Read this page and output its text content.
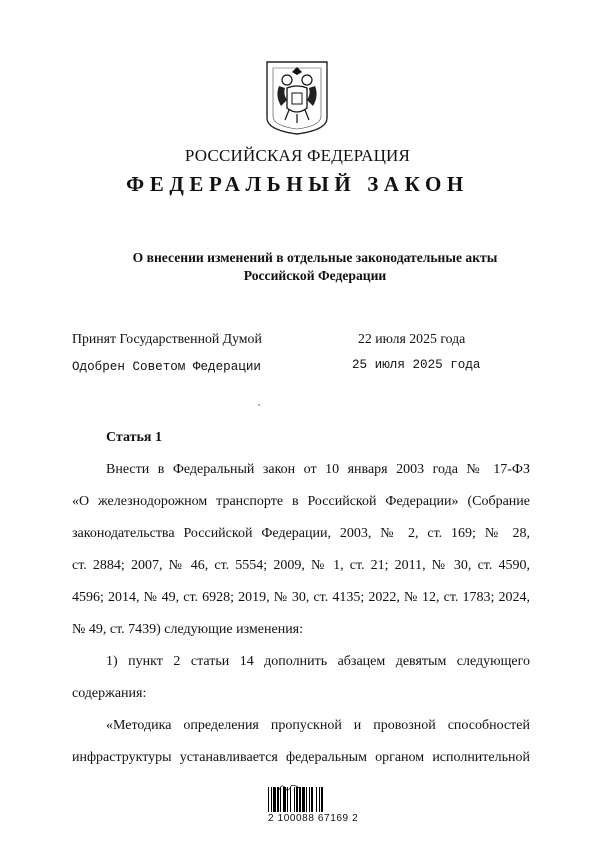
РОССИЙСКАЯ ФЕДЕРАЦИЯ
ФЕДЕРАЛЬНЫЙ ЗАКОН
О внесении изменений в отдельные законодательные акты
Российской Федерации
Принят Государственной Думой	22 июля 2025 года
Одобрен Советом Федерации	25 июля 2025 года
Статья 1
Внести в Федеральный закон от 10 января 2003 года № 17-ФЗ
«О железнодорожном транспорте в Российской Федерации» (Собрание
законодательства Российской Федерации, 2003, № 2, ст. 169; № 28,
ст. 2884; 2007, № 46, ст. 5554; 2009, № 1, ст. 21; 2011, № 30, ст. 4590,
4596; 2014, № 49, ст. 6928; 2019, № 30, ст. 4135; 2022, № 12, ст. 1783; 2024,
№ 49, ст. 7439) следующие изменения:
1) пункт 2 статьи 14 дополнить абзацем девятым следующего
содержания:
«Методика определения пропускной и провозной способностей
инфраструктуры устанавливается федеральным органом исполнительной
2 100088 67169 2
